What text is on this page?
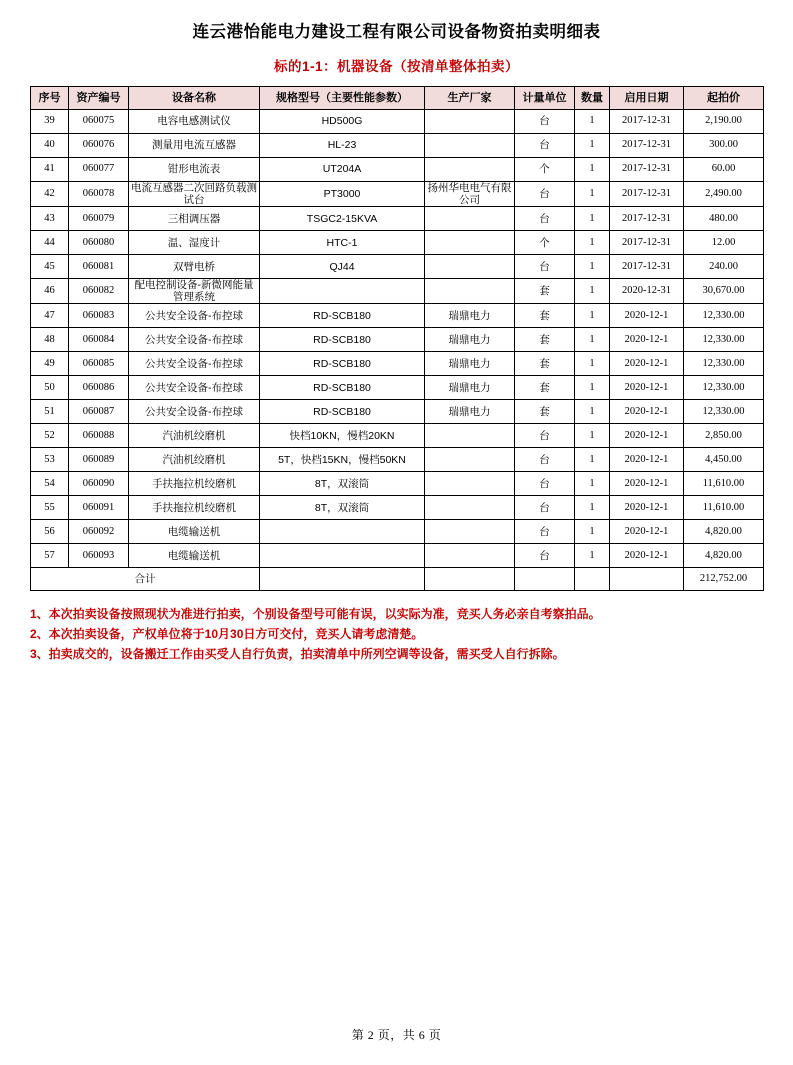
连云港怡能电力建设工程有限公司设备物资拍卖明细表
标的1-1：机器设备（按清单整体拍卖）
序号	资产编号	设备名称	规格型号（主要性能参数）	生产厂家	计量单位	数量	启用日期	起拍价
39	060075	电容电感测试仪	HD500G		台	1	2017-12-31	2,190.00
40	060076	测量用电流互感器	HL-23		台	1	2017-12-31	300.00
41	060077	钳形电流表	UT204A		个	1	2017-12-31	60.00
42	060078	电流互感器二次回路负载测试台	PT3000	扬州华电电气有限公司	台	1	2017-12-31	2,490.00
43	060079	三相调压器	TSGC2-15KVA		台	1	2017-12-31	480.00
44	060080	温、湿度计	HTC-1		个	1	2017-12-31	12.00
45	060081	双臂电桥	QJ44		台	1	2017-12-31	240.00
46	060082	配电控制设备-新微网能量管理系统			套	1	2020-12-31	30,670.00
47	060083	公共安全设备-布控球	RD-SCB180	瑞鼎电力	套	1	2020-12-1	12,330.00
48	060084	公共安全设备-布控球	RD-SCB180	瑞鼎电力	套	1	2020-12-1	12,330.00
49	060085	公共安全设备-布控球	RD-SCB180	瑞鼎电力	套	1	2020-12-1	12,330.00
50	060086	公共安全设备-布控球	RD-SCB180	瑞鼎电力	套	1	2020-12-1	12,330.00
51	060087	公共安全设备-布控球	RD-SCB180	瑞鼎电力	套	1	2020-12-1	12,330.00
52	060088	汽油机绞磨机	快档10KN，慢档20KN		台	1	2020-12-1	2,850.00
53	060089	汽油机绞磨机	5T，快档15KN，慢档50KN		台	1	2020-12-1	4,450.00
54	060090	手扶拖拉机绞磨机	8T，双滚筒		台	1	2020-12-1	11,610.00
55	060091	手扶拖拉机绞磨机	8T，双滚筒		台	1	2020-12-1	11,610.00
56	060092	电缆输送机			台	1	2020-12-1	4,820.00
57	060093	电缆输送机			台	1	2020-12-1	4,820.00
合计								212,752.00
1、本次拍卖设备按照现状为准进行拍卖，个别设备型号可能有误，以实际为准，竞买人务必亲自考察拍品。
2、本次拍卖设备，产权单位将于10月30日方可交付，竞买人请考虑清楚。
3、拍卖成交的，设备搬迁工作由买受人自行负责，拍卖清单中所列空调等设备，需买受人自行拆除。
第 2 页，共 6 页
